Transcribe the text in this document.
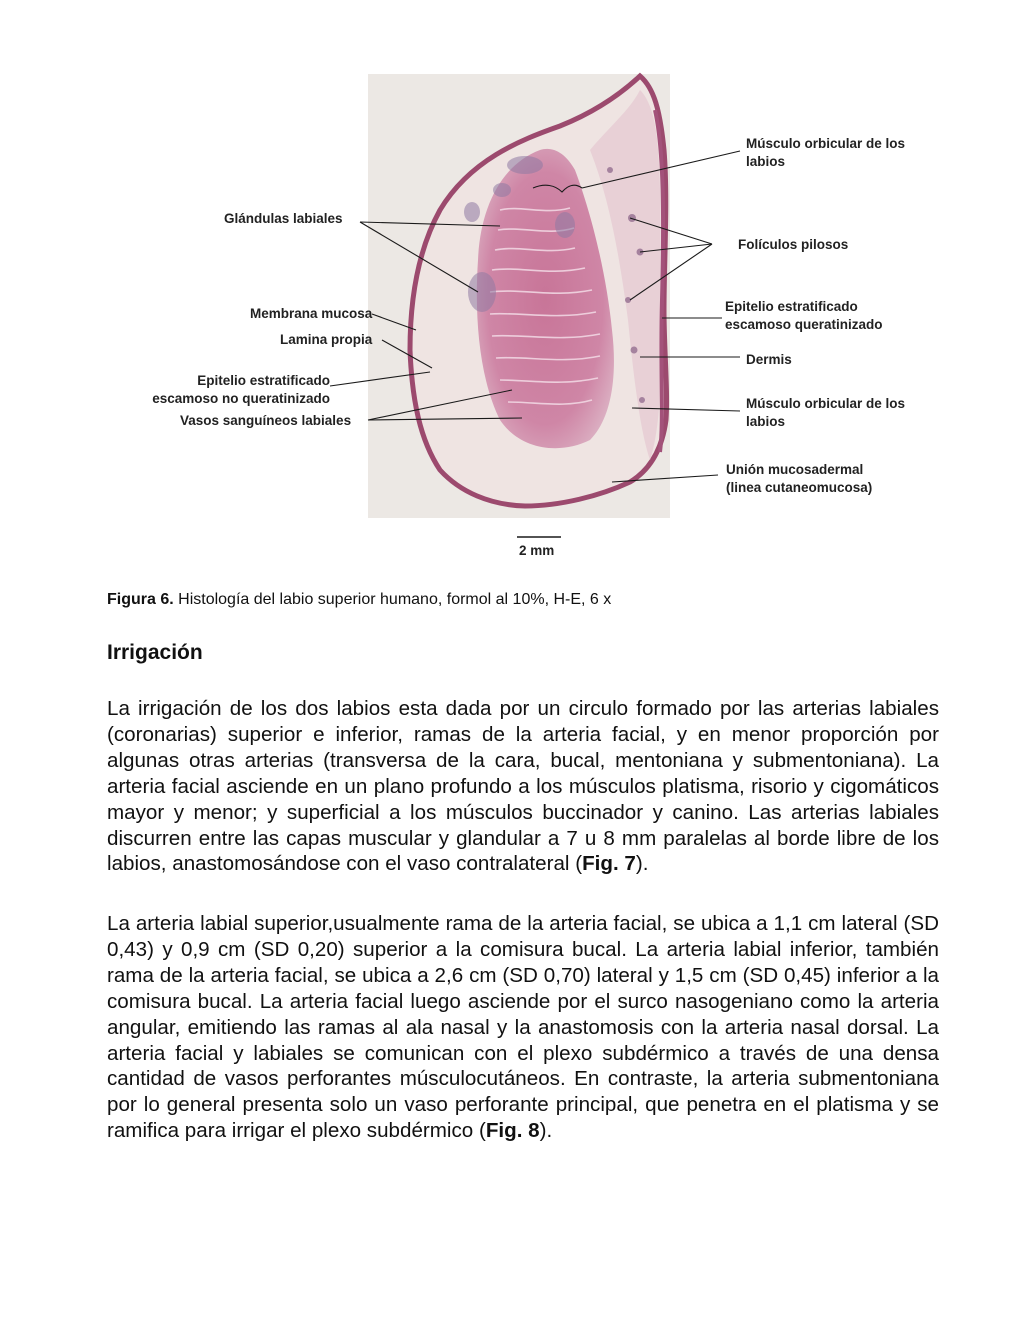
Músculo orbicular de los labios
Glándulas labiales
Folículos pilosos
Membrana mucosa
Lamina propia
Epitelio estratificado escamoso no queratinizado
Vasos sanguíneos labiales
Epitelio estratificado escamoso queratinizado
Dermis
Músculo orbicular de los labios
Unión mucosadermal (linea cutaneomucosa)
2 mm
Figura 6. Histología del labio superior humano, formol al 10%, H-E, 6 x
Irrigación

La irrigación de los dos labios esta dada por un circulo formado por las arterias labiales (coronarias) superior e inferior, ramas de la arteria facial, y en menor proporción por algunas otras arterias (transversa de la cara, bucal, mentoniana y submentoniana). La arteria facial asciende en un plano profundo a los músculos platisma, risorio y cigomáticos mayor y menor; y superficial a los músculos buccinador y canino. Las arterias labiales discurren entre las capas muscular y glandular a 7 u 8 mm paralelas al borde libre de los labios, anastomosándose con el vaso contralateral (Fig. 7).

La arteria labial superior,usualmente rama de la arteria facial, se ubica a 1,1 cm lateral (SD 0,43) y 0,9 cm (SD 0,20) superior a la comisura bucal. La arteria labial inferior, también rama de la arteria facial, se ubica a 2,6 cm (SD 0,70) lateral y 1,5 cm (SD 0,45) inferior a la comisura bucal. La arteria facial luego asciende por el surco nasogeniano como la arteria angular, emitiendo las ramas al ala nasal y la anastomosis con la arteria nasal dorsal. La arteria facial y labiales se comunican con el plexo subdérmico a través de una densa cantidad de vasos perforantes músculocutáneos. En contraste, la arteria submentoniana por lo general presenta solo un vaso perforante principal, que penetra en el platisma y se ramifica para irrigar el plexo subdérmico (Fig. 8).
